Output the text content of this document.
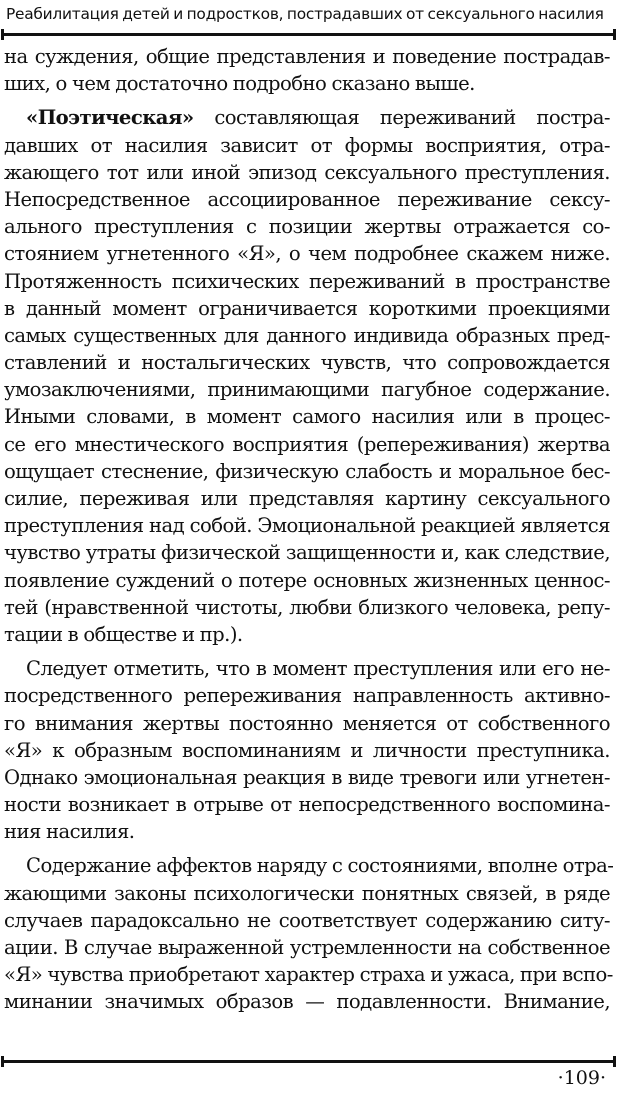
Реабилитация детей и подростков, пострадавших от сексуального насилия
на суждения, общие представления и поведение пострадав-
ших, о чем достаточно подробно сказано выше.
«Поэтическая» составляющая переживаний постра-
давших от насилия зависит от формы восприятия, отра-
жающего тот или иной эпизод сексуального преступления.
Непосредственное ассоциированное переживание сексу-
ального преступления с позиции жертвы отражается со-
стоянием угнетенного «Я», о чем подробнее скажем ниже.
Протяженность психических переживаний в пространстве
в данный момент ограничивается короткими проекциями
самых существенных для данного индивида образных пред-
ставлений и ностальгических чувств, что сопровождается
умозаключениями, принимающими пагубное содержание.
Иными словами, в момент самого насилия или в процес-
се его мнестического восприятия (репереживания) жертва
ощущает стеснение, физическую слабость и моральное бес-
силие, переживая или представляя картину сексуального
преступления над собой. Эмоциональной реакцией является
чувство утраты физической защищенности и, как следствие,
появление суждений о потере основных жизненных ценнос-
тей (нравственной чистоты, любви близкого человека, репу-
тации в обществе и пр.).
Следует отметить, что в момент преступления или его не-
посредственного репереживания направленность активно-
го внимания жертвы постоянно меняется от собственного
«Я» к образным воспоминаниям и личности преступника.
Однако эмоциональная реакция в виде тревоги или угнетен-
ности возникает в отрыве от непосредственного воспомина-
ния насилия.
Содержание аффектов наряду с состояниями, вполне отра-
жающими законы психологически понятных связей, в ряде
случаев парадоксально не соответствует содержанию ситу-
ации. В случае выраженной устремленности на собственное
«Я» чувства приобретают характер страха и ужаса, при вспо-
минании значимых образов — подавленности. Внимание,
·109·
